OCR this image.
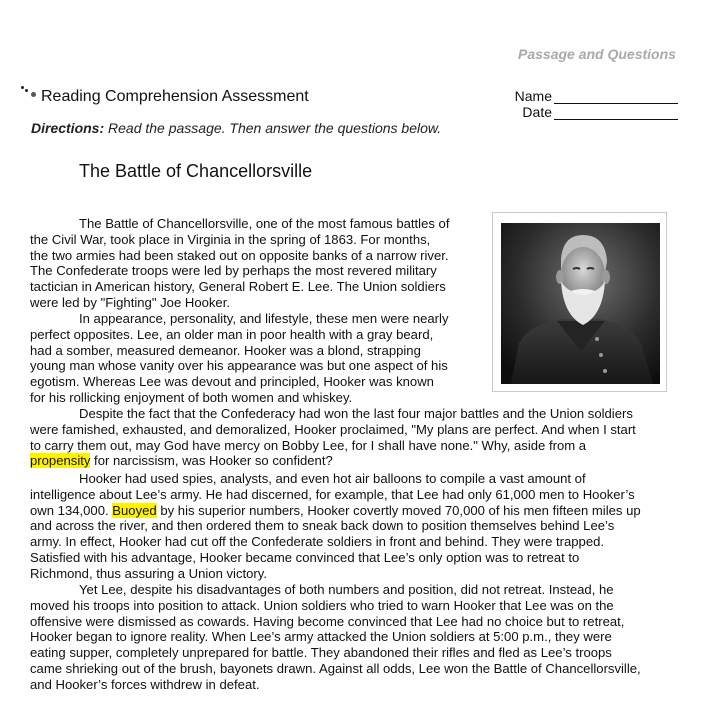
Passage and Questions
Reading Comprehension Assessment	Name
Date
Directions: Read the passage. Then answer the questions below.
The Battle of Chancellorsville
The Battle of Chancellorsville, one of the most famous battles of
the Civil War, took place in Virginia in the spring of 1863. For months,
the two armies had been staked out on opposite banks of a narrow river.
The Confederate troops were led by perhaps the most revered military
tactician in American history, General Robert E. Lee. The Union soldiers
were led by "Fighting" Joe Hooker.
In appearance, personality, and lifestyle, these men were nearly
perfect opposites. Lee, an older man in poor health with a gray beard,
had a somber, measured demeanor. Hooker was a blond, strapping
young man whose vanity over his appearance was but one aspect of his
egotism. Whereas Lee was devout and principled, Hooker was known
for his rollicking enjoyment of both women and whiskey.
Despite the fact that the Confederacy had won the last four major battles and the Union soldiers
were famished, exhausted, and demoralized, Hooker proclaimed, "My plans are perfect. And when I start
to carry them out, may God have mercy on Bobby Lee, for I shall have none." Why, aside from a
propensity for narcissism, was Hooker so confident?
Hooker had used spies, analysts, and even hot air balloons to compile a vast amount of
intelligence about Lee’s army. He had discerned, for example, that Lee had only 61,000 men to Hooker’s
own 134,000. Buoyed by his superior numbers, Hooker covertly moved 70,000 of his men fifteen miles up
and across the river, and then ordered them to sneak back down to position themselves behind Lee’s
army. In effect, Hooker had cut off the Confederate soldiers in front and behind. They were trapped.
Satisfied with his advantage, Hooker became convinced that Lee’s only option was to retreat to
Richmond, thus assuring a Union victory.
Yet Lee, despite his disadvantages of both numbers and position, did not retreat. Instead, he
moved his troops into position to attack. Union soldiers who tried to warn Hooker that Lee was on the
offensive were dismissed as cowards. Having become convinced that Lee had no choice but to retreat,
Hooker began to ignore reality. When Lee’s army attacked the Union soldiers at 5:00 p.m., they were
eating supper, completely unprepared for battle. They abandoned their rifles and fled as Lee’s troops
came shrieking out of the brush, bayonets drawn. Against all odds, Lee won the Battle of Chancellorsville,
and Hooker’s forces withdrew in defeat.
